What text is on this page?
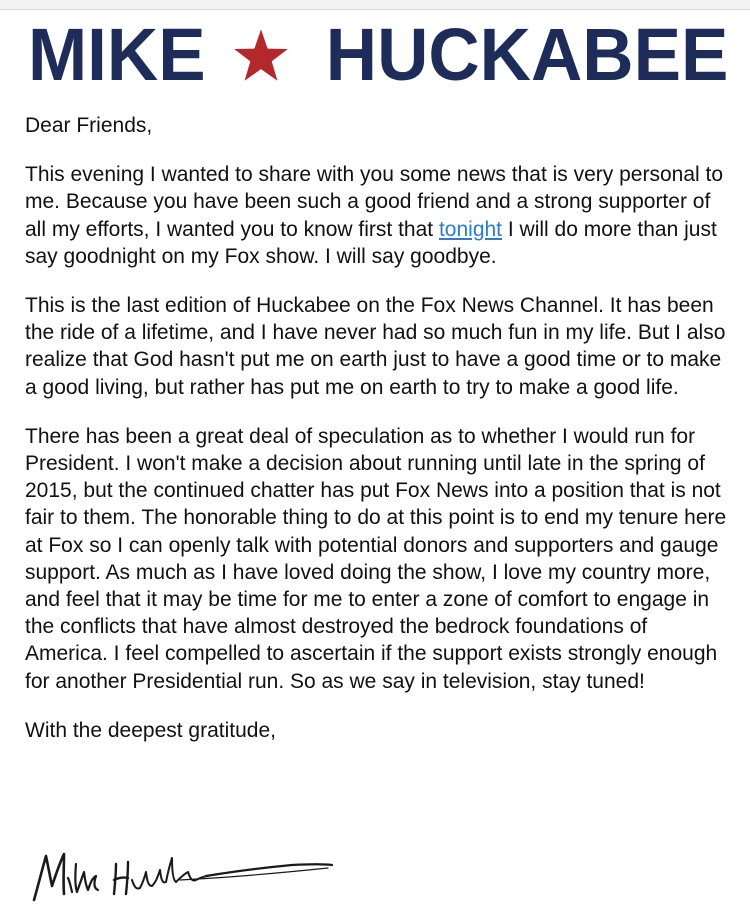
MIKE HUCKABEE

Dear Friends,

This evening I wanted to share with you some news that is very personal to me. Because you have been such a good friend and a strong supporter of all my efforts, I wanted you to know first that tonight I will do more than just say goodnight on my Fox show. I will say goodbye.

This is the last edition of Huckabee on the Fox News Channel. It has been the ride of a lifetime, and I have never had so much fun in my life. But I also realize that God hasn't put me on earth just to have a good time or to make a good living, but rather has put me on earth to try to make a good life.

There has been a great deal of speculation as to whether I would run for President. I won't make a decision about running until late in the spring of 2015, but the continued chatter has put Fox News into a position that is not fair to them. The honorable thing to do at this point is to end my tenure here at Fox so I can openly talk with potential donors and supporters and gauge support. As much as I have loved doing the show, I love my country more, and feel that it may be time for me to enter a zone of comfort to engage in the conflicts that have almost destroyed the bedrock foundations of America. I feel compelled to ascertain if the support exists strongly enough for another Presidential run. So as we say in television, stay tuned!

With the deepest gratitude,
